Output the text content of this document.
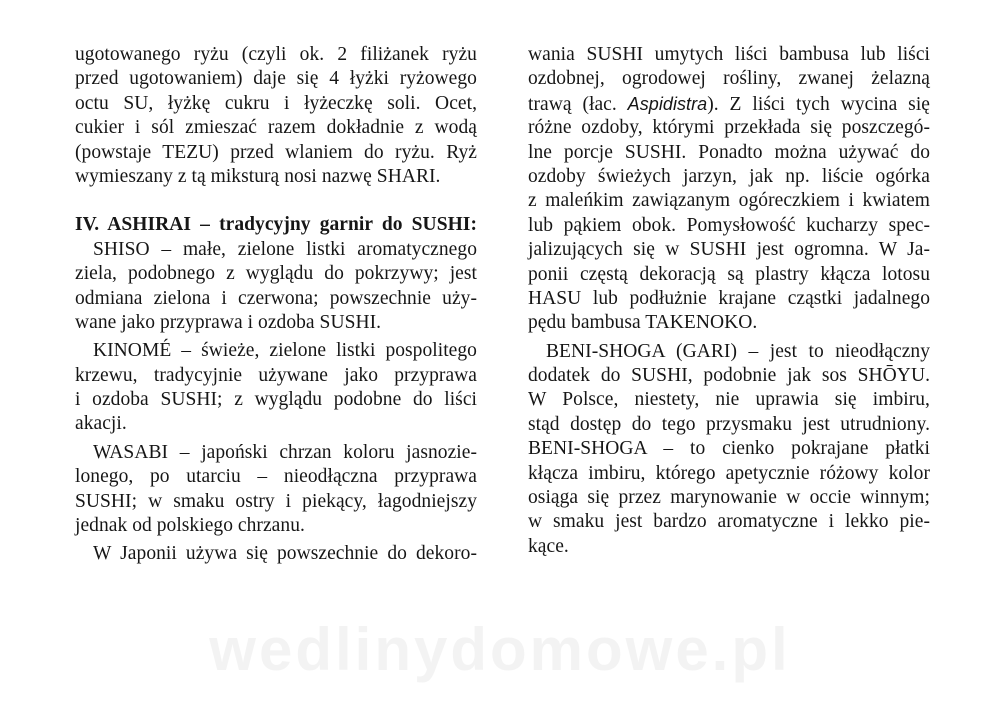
ugotowanego ryżu (czyli ok. 2 filiżanek ryżu
przed ugotowaniem) daje się 4 łyżki ryżowego
octu SU, łyżkę cukru i łyżeczkę soli. Ocet,
cukier i sól zmieszać razem dokładnie z wodą
(powstaje TEZU) przed wlaniem do ryżu. Ryż
wymieszany z tą miksturą nosi nazwę SHARI.
IV. ASHIRAI – tradycyjny garnir do SUSHI:
SHISO – małe, zielone listki aromatycznego
ziela, podobnego z wyglądu do pokrzywy; jest
odmiana zielona i czerwona; powszechnie uży-
wane jako przyprawa i ozdoba SUSHI.
KINOMÉ – świeże, zielone listki pospolitego
krzewu, tradycyjnie używane jako przyprawa
i ozdoba SUSHI; z wyglądu podobne do liści
akacji.
WASABI – japoński chrzan koloru jasnozie-
lonego, po utarciu – nieodłączna przyprawa
SUSHI; w smaku ostry i piekący, łagodniejszy
jednak od polskiego chrzanu.
W Japonii używa się powszechnie do dekoro-
wania SUSHI umytych liści bambusa lub liści
ozdobnej, ogrodowej rośliny, zwanej żelazną
trawą (łac. Aspidistra). Z liści tych wycina się
różne ozdoby, którymi przekłada się poszczegó-
lne porcje SUSHI. Ponadto można używać do
ozdoby świeżych jarzyn, jak np. liście ogórka
z maleńkim zawiązanym ogóreczkiem i kwiatem
lub pąkiem obok. Pomysłowość kucharzy spec-
jalizujących się w SUSHI jest ogromna. W Ja-
ponii częstą dekoracją są plastry kłącza lotosu
HASU lub podłużnie krajane cząstki jadalnego
pędu bambusa TAKENOKO.
BENI-SHOGA (GARI) – jest to nieodłączny
dodatek do SUSHI, podobnie jak sos SHŌYU.
W Polsce, niestety, nie uprawia się imbiru,
stąd dostęp do tego przysmaku jest utrudniony.
BENI-SHOGA – to cienko pokrajane płatki
kłącza imbiru, którego apetycznie różowy kolor
osiąga się przez marynowanie w occie winnym;
w smaku jest bardzo aromatyczne i lekko pie-
kące.
wedlinydomowe.pl
